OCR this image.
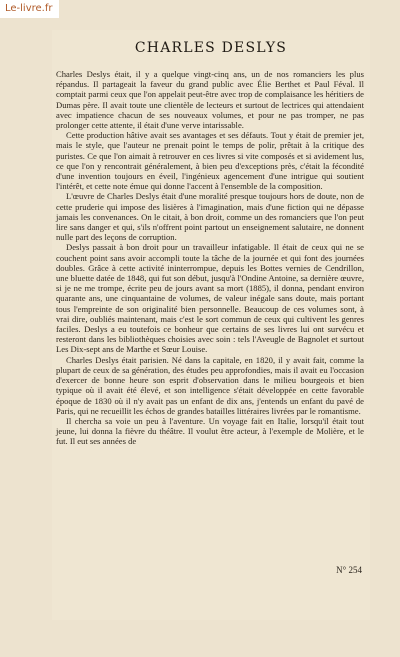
Le-livre.fr
CHARLES DESLYS

Charles Deslys était, il y a quelque vingt-cinq ans, un de nos romanciers les plus répandus. Il partageait la faveur du grand public avec Élie Berthet et Paul Féval. Il comptait parmi ceux que l'on appelait peut-être avec trop de complaisance les héritiers de Dumas père. Il avait toute une clientèle de lecteurs et surtout de lectrices qui attendaient avec impatience chacun de ses nouveaux volumes, et pour ne pas tromper, ne pas prolonger cette attente, il était d'une verve intarissable.

Cette production hâtive avait ses avantages et ses défauts. Tout y était de premier jet, mais le style, que l'auteur ne prenait point le temps de polir, prêtait à la critique des puristes. Ce que l'on aimait à retrouver en ces livres si vite composés et si avidement lus, ce que l'on y rencontrait généralement, à bien peu d'exceptions près, c'était la fécondité d'une invention toujours en éveil, l'ingénieux agencement d'une intrigue qui soutient l'intérêt, et cette note émue qui donne l'accent à l'ensemble de la composition.

L'œuvre de Charles Deslys était d'une moralité presque toujours hors de doute, non de cette pruderie qui impose des lisières à l'imagination, mais d'une fiction qui ne dépasse jamais les convenances. On le citait, à bon droit, comme un des romanciers que l'on peut lire sans danger et qui, s'ils n'offrent point partout un enseignement salutaire, ne donnent nulle part des leçons de corruption.

Deslys passait à bon droit pour un travailleur infatigable. Il était de ceux qui ne se couchent point sans avoir accompli toute la tâche de la journée et qui font des journées doubles. Grâce à cette activité ininterrompue, depuis les Bottes vernies de Cendrillon, une bluette datée de 1848, qui fut son début, jusqu'à l'Ondine Antoine, sa dernière œuvre, si je ne me trompe, écrite peu de jours avant sa mort (1885), il donna, pendant environ quarante ans, une cinquantaine de volumes, de valeur inégale sans doute, mais portant tous l'empreinte de son originalité bien personnelle. Beaucoup de ces volumes sont, à vrai dire, oubliés maintenant, mais c'est le sort commun de ceux qui cultivent les genres faciles. Deslys a eu toutefois ce bonheur que certains de ses livres lui ont survécu et resteront dans les bibliothèques choisies avec soin : tels l'Aveugle de Bagnolet et surtout Les Dix-sept ans de Marthe et Sœur Louise.

Charles Deslys était parisien. Né dans la capitale, en 1820, il y avait fait, comme la plupart de ceux de sa génération, des études peu approfondies, mais il avait eu l'occasion d'exercer de bonne heure son esprit d'observation dans le milieu bourgeois et bien typique où il avait été élevé, et son intelligence s'était développée en cette favorable époque de 1830 où il n'y avait pas un enfant de dix ans, j'entends un enfant du pavé de Paris, qui ne recueillit les échos de grandes batailles littéraires livrées par le romantisme.

Il chercha sa voie un peu à l'aventure. Un voyage fait en Italie, lorsqu'il était tout jeune, lui donna la fièvre du théâtre. Il voulut être acteur, à l'exemple de Molière, et le fut. Il eut ses années de

N° 254
